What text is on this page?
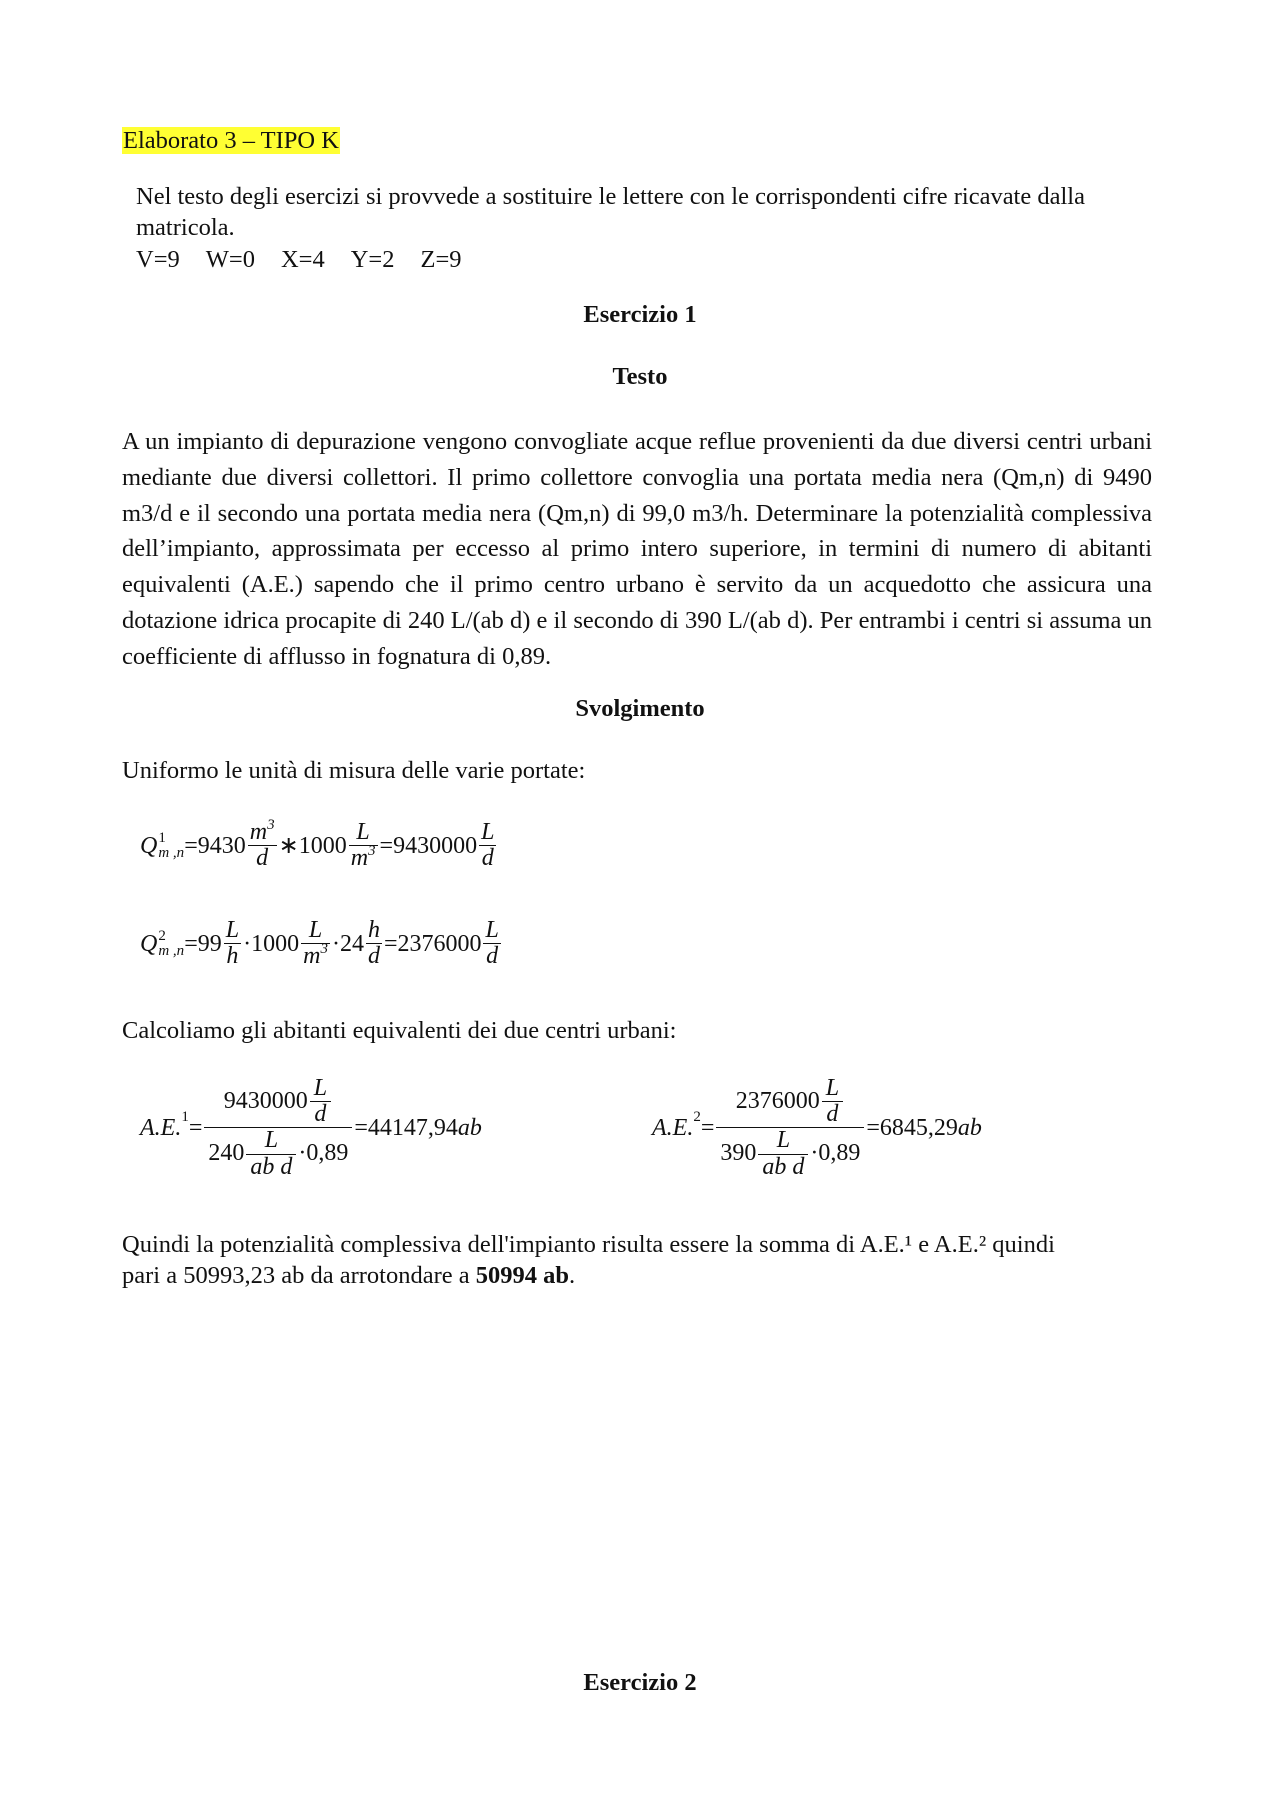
Elaborato 3 – TIPO K
Nel testo degli esercizi si provvede a sostituire le lettere con le corrispondenti cifre ricavate dalla matricola.
V=9 W=0 X=4 Y=2 Z=9
Esercizio 1
Testo
A un impianto di depurazione vengono convogliate acque reflue provenienti da due diversi centri urbani mediante due diversi collettori. Il primo collettore convoglia una portata media nera (Qm,n) di 9490 m3/d e il secondo una portata media nera (Qm,n) di 99,0 m3/h. Determinare la potenzialità complessiva dell’impianto, approssimata per eccesso al primo intero superiore, in termini di numero di abitanti equivalenti (A.E.) sapendo che il primo centro urbano è servito da un acquedotto che assicura una dotazione idrica procapite di 240 L/(ab d) e il secondo di 390 L/(ab d). Per entrambi i centri si assuma un coefficiente di afflusso in fognatura di 0,89.
Svolgimento
Uniformo le unità di misura delle varie portate:
Q 1
m $,n = 9430 \frac{m^3}{d}$ ∗ $1000 \frac{L}{m^3} = 9430000 \frac{L}{d}$
Q 2
m $,n = 99 \frac{L}{h} \cdot 1000 \frac{L}{m^3} \cdot 24 \frac{h}{d} = 2376000 \frac{L}{d}$
Calcoliamo gli abitanti equivalenti dei due centri urbani:
A.E. $1 = \frac{9430000 \frac{L}{d}}{240 \frac{L}{\text{ab d}} \cdot 0,89} = 44147,94$ ab	A.E. $2 = \frac{2376000 \frac{L}{d}}{390 \frac{L}{\text{ab d}} \cdot 0,89} = 6845,29$ ab
Quindi la potenzialità complessiva dell'impianto risulta essere la somma di A.E.¹ e A.E.² quindi
pari a 50993,23 ab da arrotondare a 50994 ab.
Esercizio 2
